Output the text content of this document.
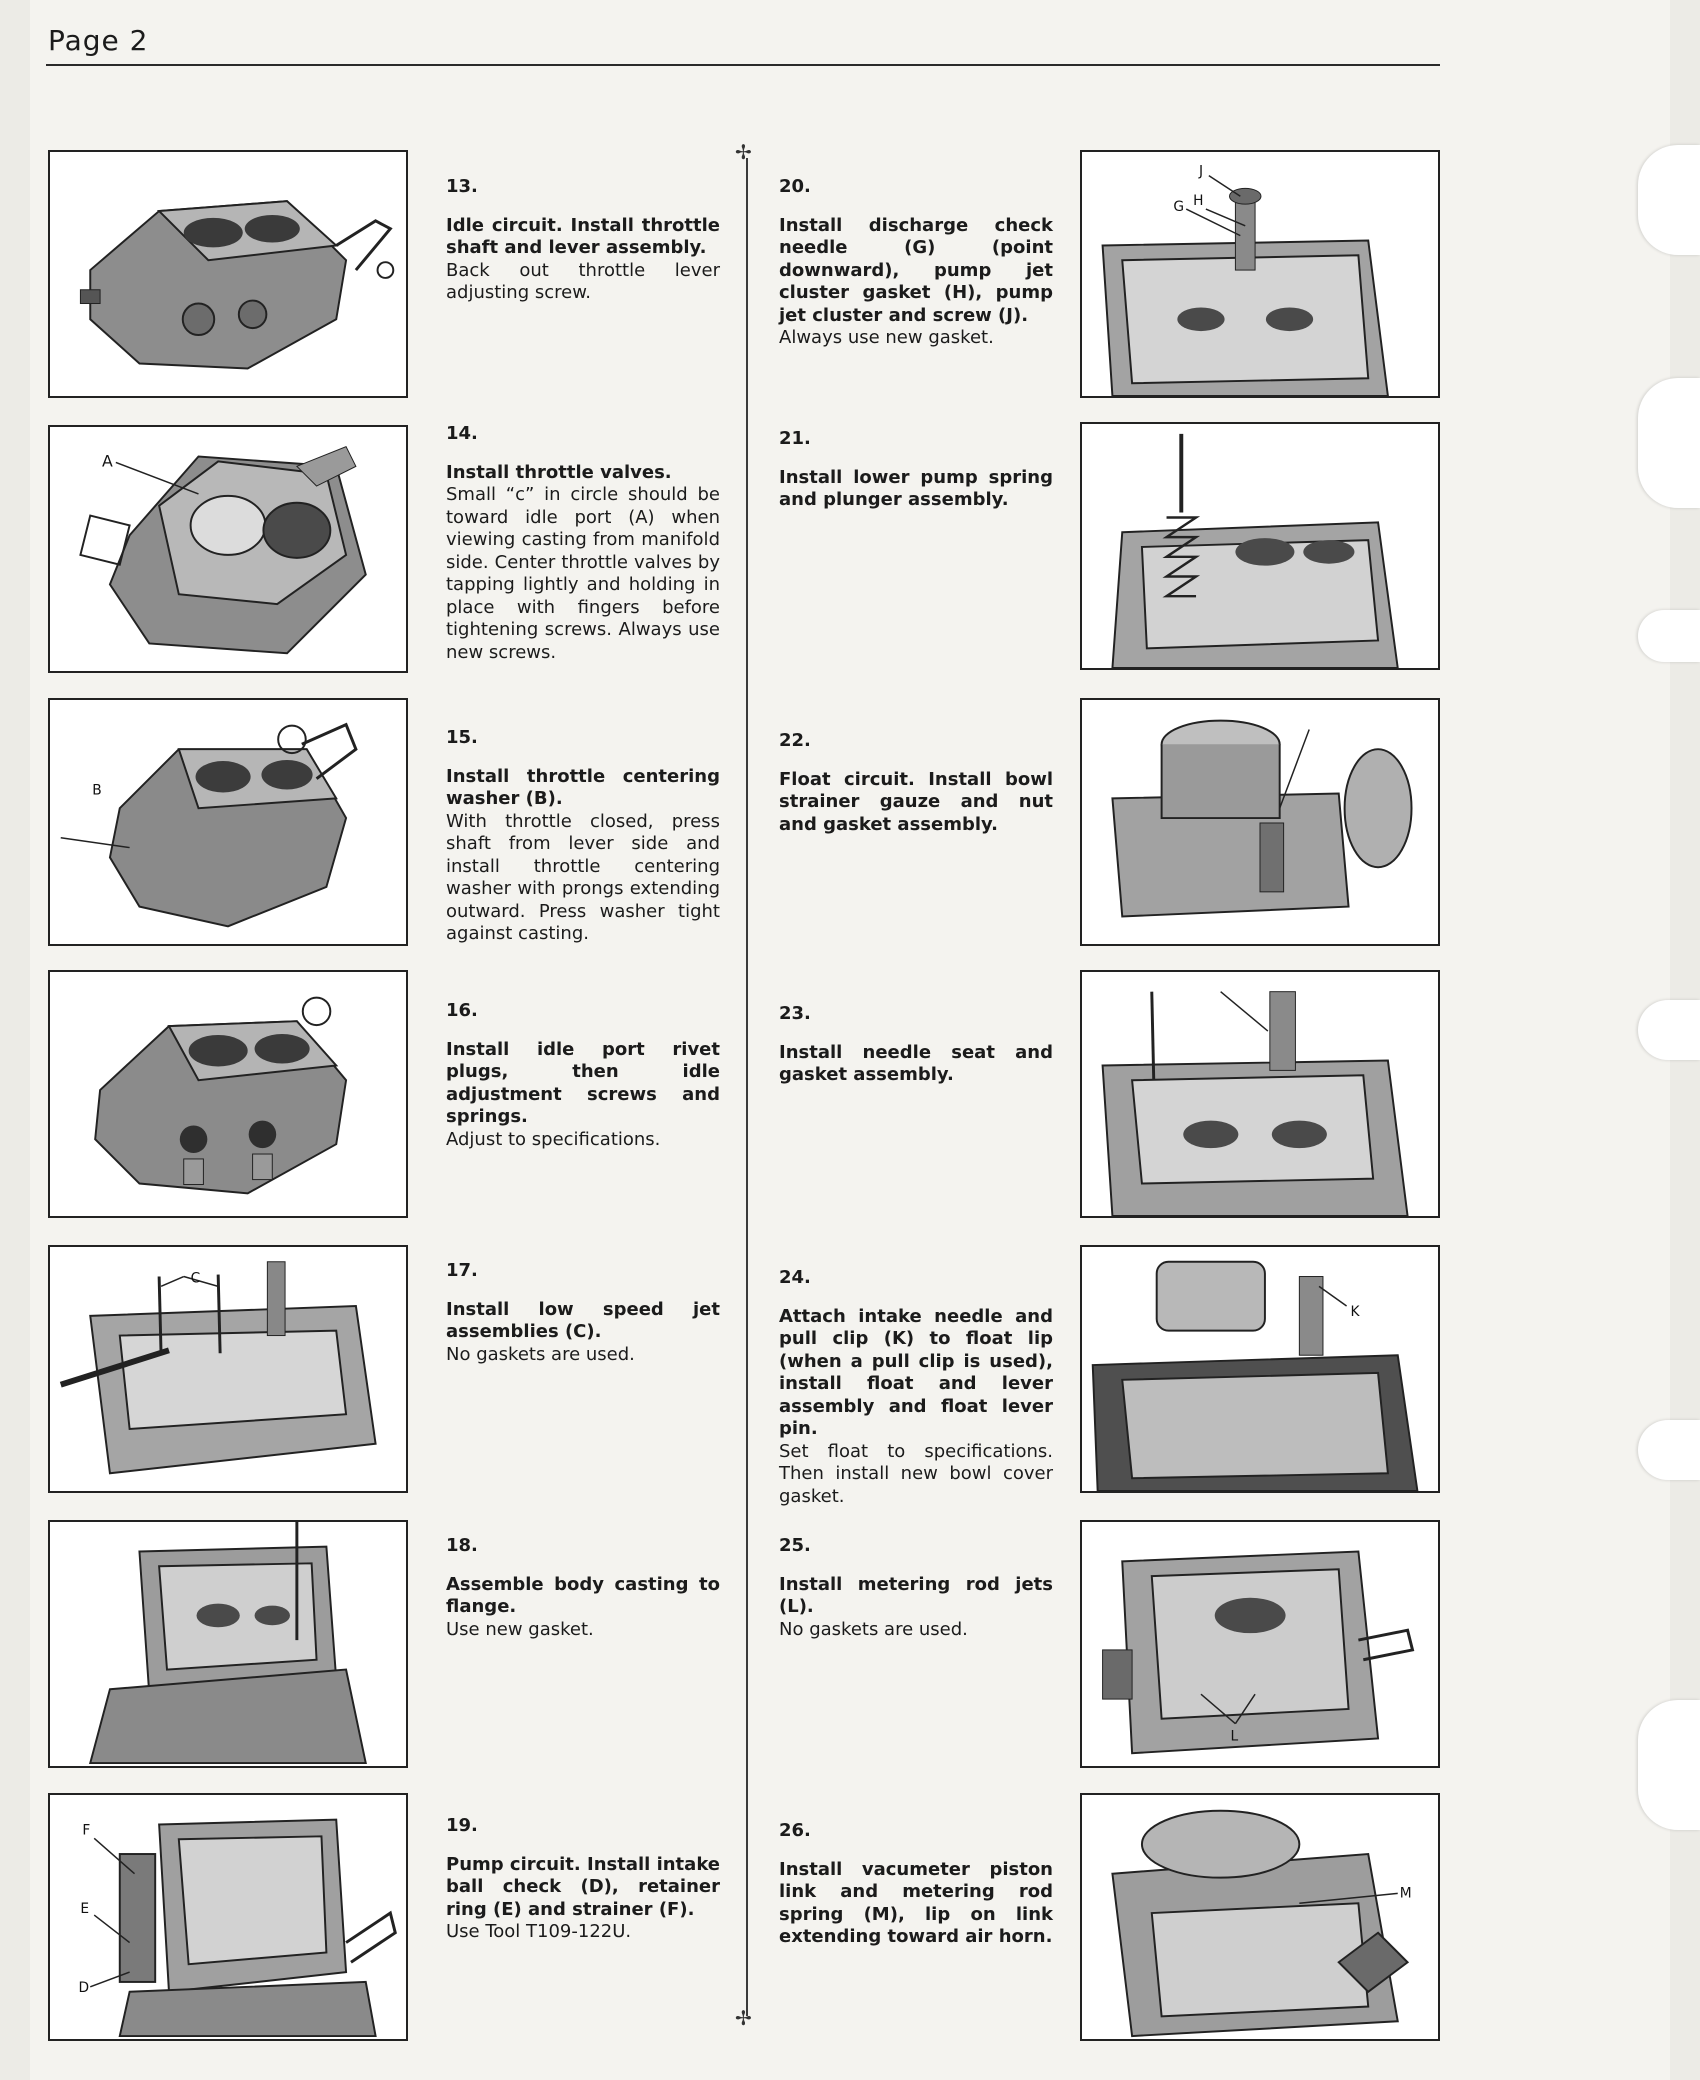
Page 2
✢
✢
13.
Idle circuit. Install throttle shaft and lever assembly.
Back out throttle lever adjusting screw.
A
14.
Install throttle valves.
Small “c” in circle should be toward idle port (A) when viewing casting from manifold side. Center throttle valves by tapping lightly and holding in place with fingers before tightening screws. Always use new screws.
B
15.
Install throttle centering washer (B).
With throttle closed, press shaft from lever side and install throttle centering washer with prongs extending outward. Press washer tight against casting.
16.
Install idle port rivet plugs, then idle adjustment screws and springs.
Adjust to specifications.
C	17.
Install low speed jet assemblies (C).
No gaskets are used.
18.
Assemble body casting to flange.
Use new gasket.
F
E
D
19.
Pump circuit. Install intake ball check (D), retainer ring (E) and strainer (F).
Use Tool T109-122U.
20.
Install discharge check needle (G) (point downward), pump jet cluster gasket (H), pump jet cluster and screw (J).
Always use new gasket.
J
G H
21.
Install lower pump spring and plunger assembly.
22.
Float circuit. Install bowl strainer gauze and nut and gasket assembly.
23.
Install needle seat and gasket assembly.
24.
Attach intake needle and pull clip (K) to float lip (when a pull clip is used), install float and lever assembly and float lever pin.
Set float to specifications. Then install new bowl cover gasket.
K
25.
Install metering rod jets (L).
No gaskets are used.
L
26.
Install vacumeter piston link and metering rod spring (M), lip on link extending toward air horn.
M
